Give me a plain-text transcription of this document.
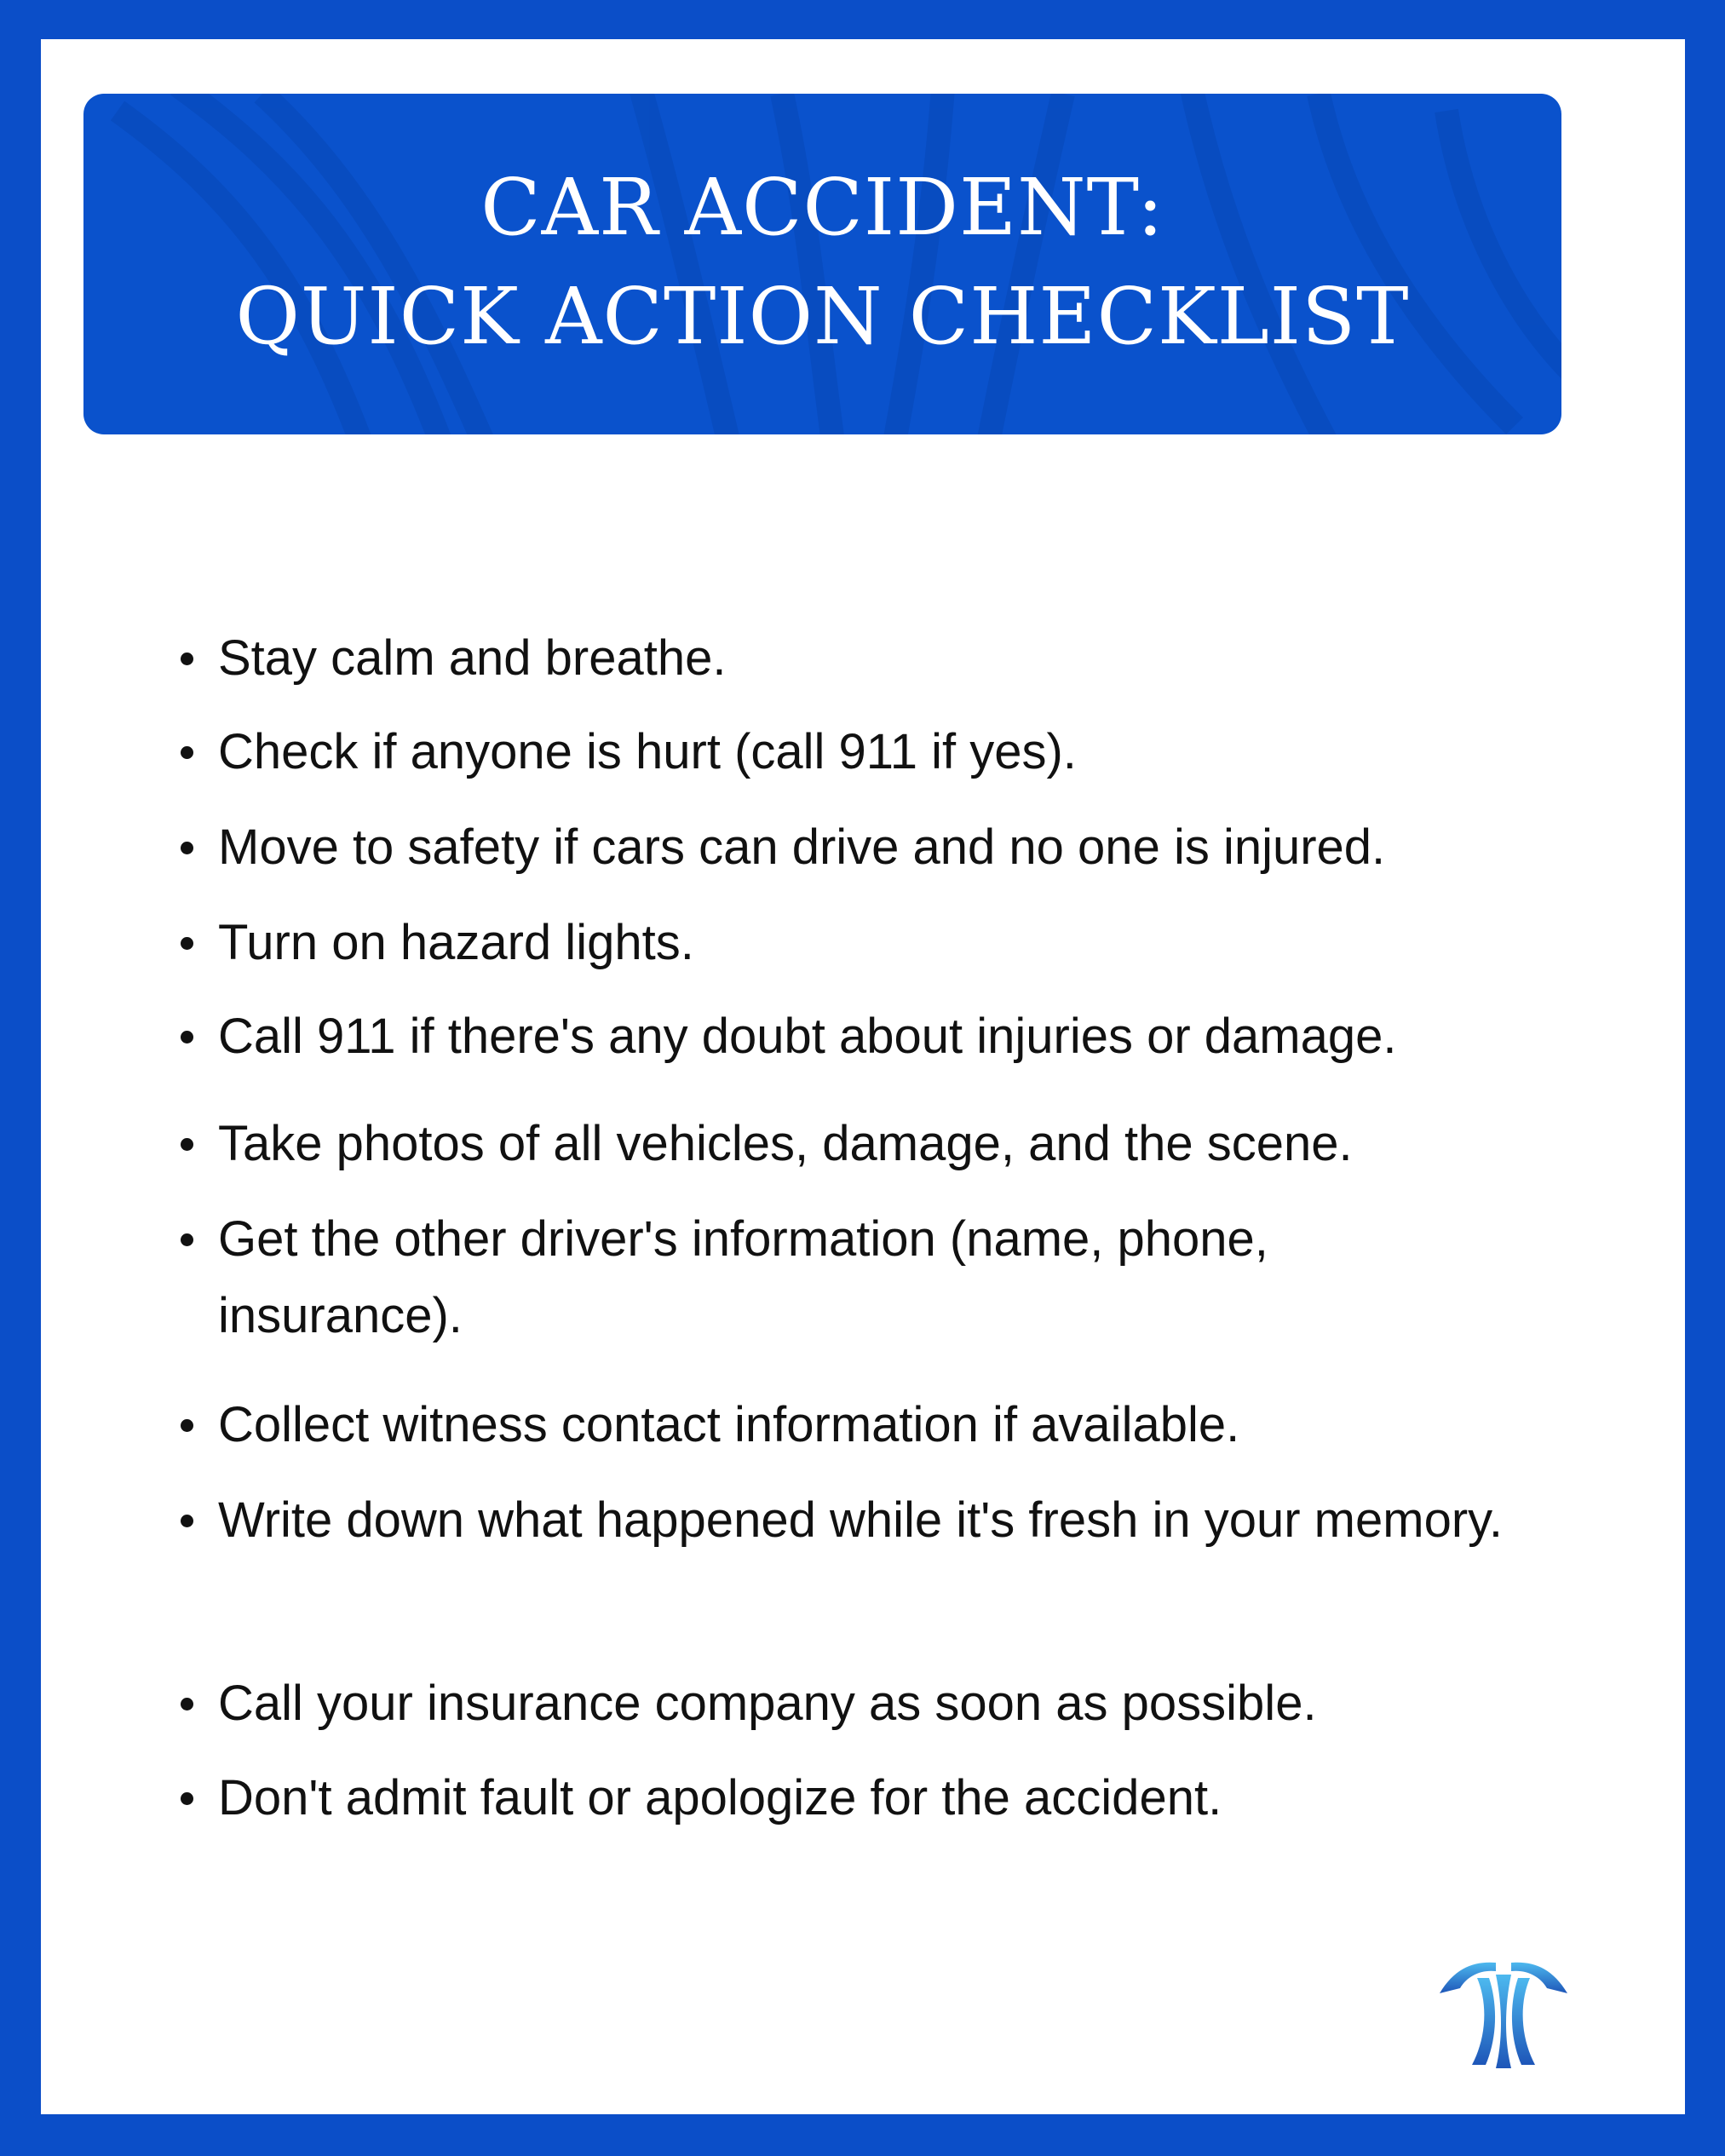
CAR ACCIDENT:
QUICK ACTION CHECKLIST
Stay calm and breathe.
Check if anyone is hurt (call 911 if yes).
Move to safety if cars can drive and no one is injured.
Turn on hazard lights.
Call 911 if there's any doubt about injuries or damage.
Take photos of all vehicles, damage, and the scene.
Get the other driver's information (name, phone, insurance).
Collect witness contact information if available.
Write down what happened while it's fresh in your memory.
Call your insurance company as soon as possible.
Don't admit fault or apologize for the accident.
